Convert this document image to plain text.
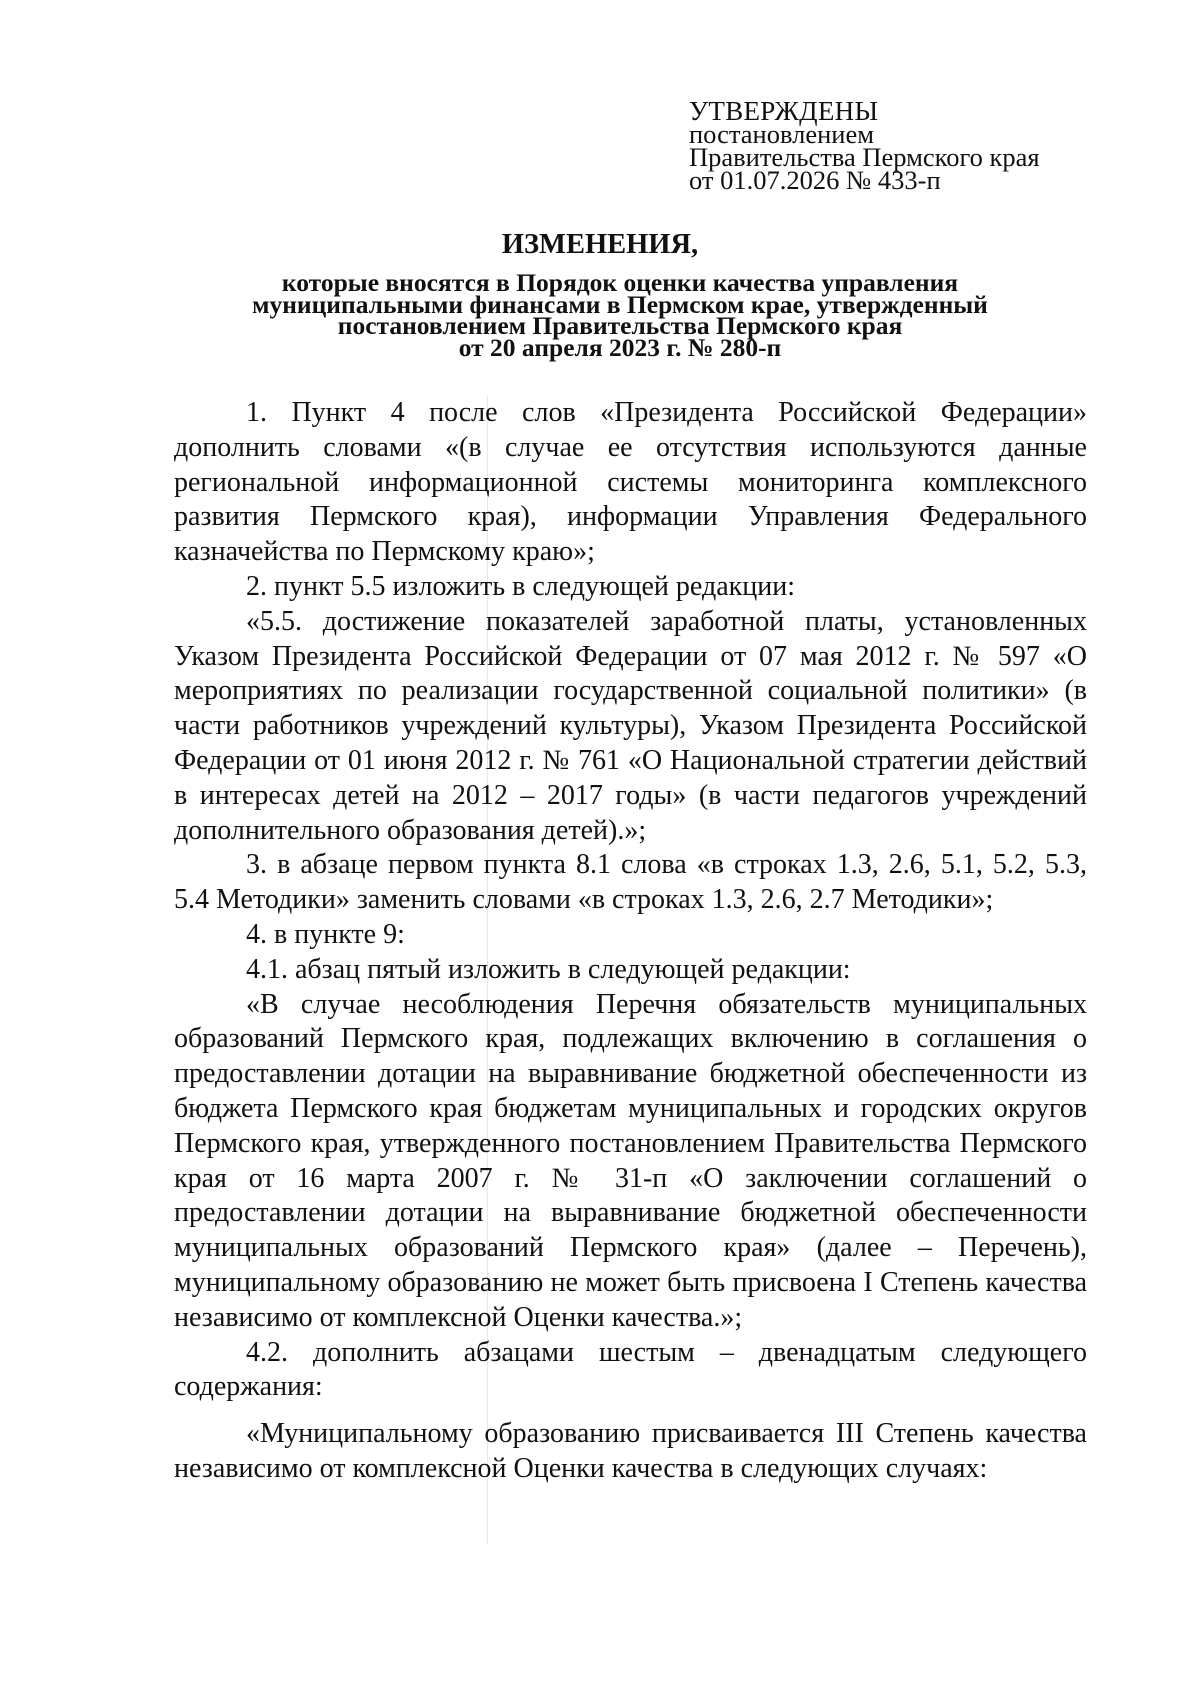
УТВЕРЖДЕНЫ
постановлением
Правительства Пермского края
от 01.07.2026 № 433-п
ИЗМЕНЕНИЯ,
которые вносятся в Порядок оценки качества управления
муниципальными финансами в Пермском крае, утвержденный
постановлением Правительства Пермского края
от 20 апреля 2023 г. № 280-п

1. Пункт 4 после слов «Президента Российской Федерации» дополнить словами «(в случае ее отсутствия используются данные региональной информационной системы мониторинга комплексного развития Пермского края), информации Управления Федерального казначейства по Пермскому краю»;

2. пункт 5.5 изложить в следующей редакции:

«5.5. достижение показателей заработной платы, установленных Указом Президента Российской Федерации от 07 мая 2012 г. № 597 «О мероприятиях по реализации государственной социальной политики» (в части работников учреждений культуры), Указом Президента Российской Федерации от 01 июня 2012 г. № 761 «О Национальной стратегии действий в интересах детей на 2012 – 2017 годы» (в части педагогов учреждений дополнительного образования детей).»;

3. в абзаце первом пункта 8.1 слова «в строках 1.3, 2.6, 5.1, 5.2, 5.3, 5.4 Методики» заменить словами «в строках 1.3, 2.6, 2.7 Методики»;

4. в пункте 9:

4.1. абзац пятый изложить в следующей редакции:

«В случае несоблюдения Перечня обязательств муниципальных образований Пермского края, подлежащих включению в соглашения о предоставлении дотации на выравнивание бюджетной обеспеченности из бюджета Пермского края бюджетам муниципальных и городских округов Пермского края, утвержденного постановлением Правительства Пермского края от 16 марта 2007 г. № 31-п «О заключении соглашений о предоставлении дотации на выравнивание бюджетной обеспеченности муниципальных образований Пермского края» (далее – Перечень), муниципальному образованию не может быть присвоена I Степень качества независимо от комплексной Оценки качества.»;

4.2. дополнить абзацами шестым – двенадцатым следующего содержания:

«Муниципальному образованию присваивается III Степень качества независимо от комплексной Оценки качества в следующих случаях:
